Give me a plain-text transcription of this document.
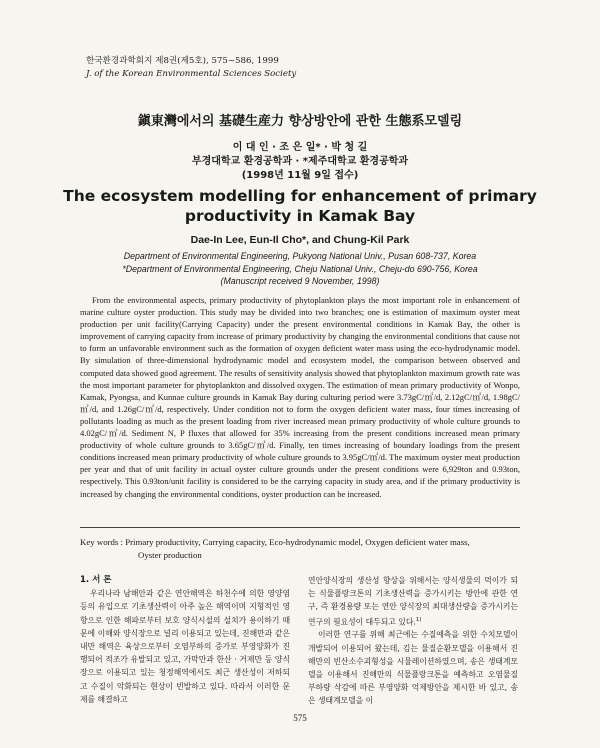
한국환경과학회지 제8권(제5호), 575~586, 1999
J. of the Korean Environmental Sciences Society
鎭東灣에서의 基礎生産力 향상방안에 관한 生態系모델링
이 대 인 · 조 은 일* · 박 청 길
부경대학교 환경공학과 · *제주대학교 환경공학과
(1998년 11월 9일 접수)
The ecosystem modelling for enhancement of primary
productivity in Kamak Bay
Dae-In Lee, Eun-Il Cho*, and Chung-Kil Park
Department of Environmental Engineering, Pukyong National Univ., Pusan 608-737, Korea
*Department of Environmental Engineering, Cheju National Univ., Cheju-do 690-756, Korea
(Manuscript received 9 November, 1998)
From the environmental aspects, primary productivity of phytoplankton plays the most important role in enhancement of marine culture oyster production. This study may be divided into two branches; one is estimation of maximum oyster meat production per unit facility(Carrying Capacity) under the present environmental conditions in Kamak Bay, the other is improvement of carrying capacity from increase of primary productivity by changing the environmental conditions that cause not to form an unfavorable environment such as the formation of oxygen deficient water mass using the eco-hydrodynamic model. By simulation of three-dimensional hydrodynamic model and ecosystem model, the comparison between observed and computed data showed good agreement. The results of sensitivity analysis showed that phytoplankton maximum growth rate was the most important parameter for phytoplankton and dissolved oxygen. The estimation of mean primary productivity of Wonpo, Kamak, Pyongsa, and Kunnae culture grounds in Kamak Bay during culturing period were 3.73gC/㎡/d, 2.12gC/㎡/d, 1.98gC/㎡/d, and 1.26gC/㎡/d, respectively. Under condition not to form the oxygen deficient water mass, four times increasing of pollutants loading as much as the present loading from river increased mean primary productivity of whole culture grounds to 4.02gC/㎡/d. Sediment N, P fluxes that allowed for 35% increasing from the present conditions increased mean primary productivity of whole culture grounds to 3.65gC/㎡/d. Finally, ten times increasing of boundary loadings from the present conditions increased mean primary productivity of whole culture grounds to 3.95gC/㎡/d. The maximum oyster meat production per year and that of unit facility in actual oyster culture grounds under the present conditions were 6,929ton and 0.93ton, respectively. This 0.93ton/unit facility is considered to be the carrying capacity in study area, and if the primary productivity is increased by changing the environmental conditions, oyster production can be increased.
Key words : Primary productivity, Carrying capacity, Eco-hydrodynamic model, Oxygen deficient water mass,
Oyster production
1. 서 론
우리나라 남해안과 같은 연안해역은 하천수에 의한 영양염 등의 유입으로 기초생산력이 아주 높은 해역이며 지형적인 영향으로 인한 해파로부터 보호 양식시설의 설치가 용이하기 때문에 이해와 양식장으로 널리 이용되고 있는데, 진해만과 같은 내만 해역은 육상으로부터 오염부하의 증가로 부영양화가 진행되어 적조가 유발되고 있고, 가막만과 한산 · 거제만 등 양식장으로 이용되고 있는 청정해역에서도 최근 생산성이 저하되고 수질이 악화되는 현상이 빈발하고 있다. 따라서 이러한 문제를 해결하고
연안양식장의 생산성 향상을 위해서는 양식생물의 먹이가 되는 식물플랑크톤의 기초생산력을 증가시키는 방안에 관한 연구, 즉 환경용량 또는 연안 양식장의 최대생산량을 증가시키는 연구의 필요성이 대두되고 있다.$^{1)}$
이러한 연구를 위해 최근에는 수질예측을 위한 수치모델이 개발되어 이용되어 왔는데, 김는 물질순환모델을 이용해서 진해만의 빈산소수괴형성을 시뮬레이션하였으며, 송은 생태계모델을 이용해서 진해만의 식물플랑크톤을 예측하고 오염물질 부하량 삭감에 따른 부영양화 억제방안을 제시한 바 있고, 송은 생태계모델을 이
575
